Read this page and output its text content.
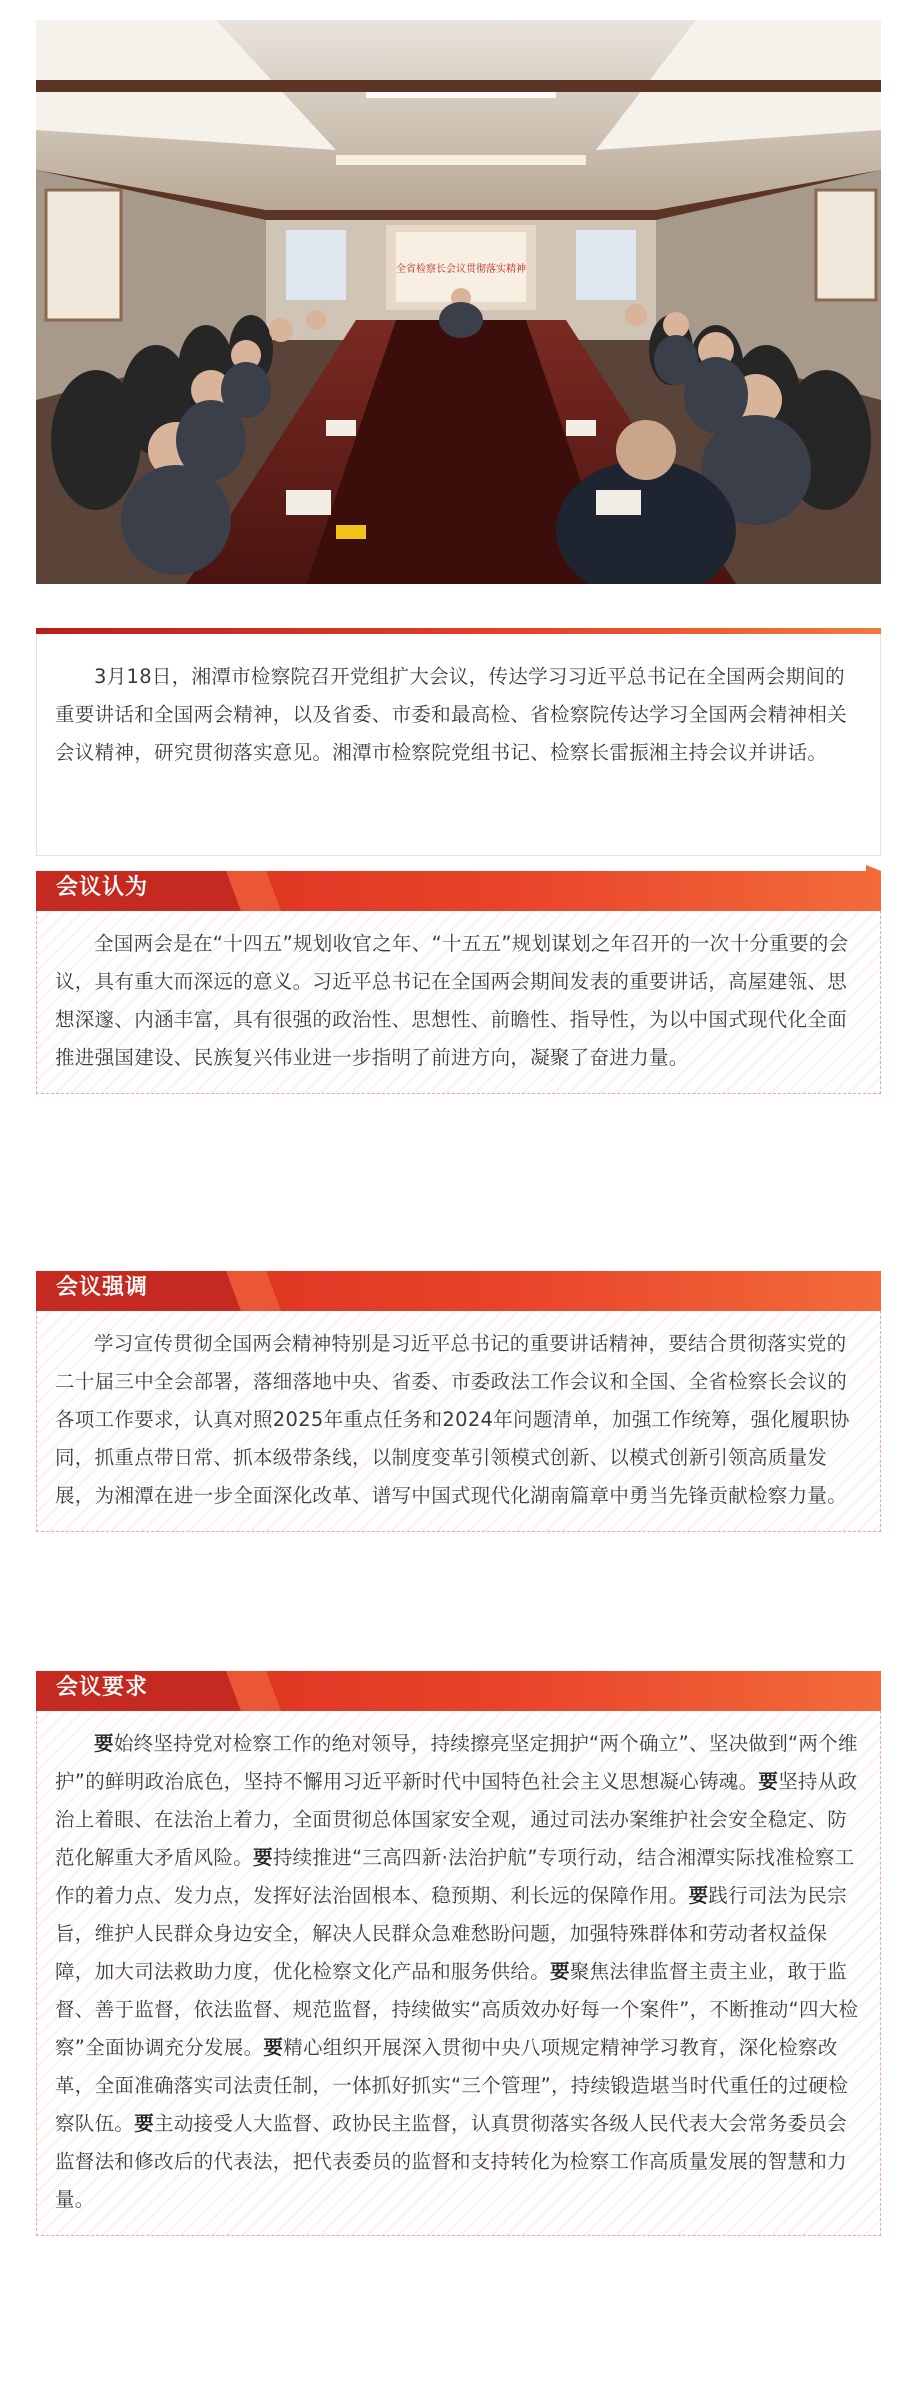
全省检察长会议贯彻落实精神
3月18日，湘潭市检察院召开党组扩大会议，传达学习习近平总书记在全国两会期间的重要讲话和全国两会精神，以及省委、市委和最高检、省检察院传达学习全国两会精神相关会议精神，研究贯彻落实意见。湘潭市检察院党组书记、检察长雷振湘主持会议并讲话。
会议认为
全国两会是在“十四五”规划收官之年、“十五五”规划谋划之年召开的一次十分重要的会议，具有重大而深远的意义。习近平总书记在全国两会期间发表的重要讲话，高屋建瓴、思想深邃、内涵丰富，具有很强的政治性、思想性、前瞻性、指导性，为以中国式现代化全面推进强国建设、民族复兴伟业进一步指明了前进方向，凝聚了奋进力量。
会议强调
学习宣传贯彻全国两会精神特别是习近平总书记的重要讲话精神，要结合贯彻落实党的二十届三中全会部署，落细落地中央、省委、市委政法工作会议和全国、全省检察长会议的各项工作要求，认真对照2025年重点任务和2024年问题清单，加强工作统筹，强化履职协同，抓重点带日常、抓本级带条线，以制度变革引领模式创新、以模式创新引领高质量发展，为湘潭在进一步全面深化改革、谱写中国式现代化湖南篇章中勇当先锋贡献检察力量。
会议要求
要始终坚持党对检察工作的绝对领导，持续擦亮坚定拥护“两个确立”、坚决做到“两个维护”的鲜明政治底色，坚持不懈用习近平新时代中国特色社会主义思想凝心铸魂。要坚持从政治上着眼、在法治上着力，全面贯彻总体国家安全观，通过司法办案维护社会安全稳定、防范化解重大矛盾风险。要持续推进“三高四新·法治护航”专项行动，结合湘潭实际找准检察工作的着力点、发力点，发挥好法治固根本、稳预期、利长远的保障作用。要践行司法为民宗旨，维护人民群众身边安全，解决人民群众急难愁盼问题，加强特殊群体和劳动者权益保障，加大司法救助力度，优化检察文化产品和服务供给。要聚焦法律监督主责主业，敢于监督、善于监督，依法监督、规范监督，持续做实“高质效办好每一个案件”，不断推动“四大检察”全面协调充分发展。要精心组织开展深入贯彻中央八项规定精神学习教育，深化检察改革，全面准确落实司法责任制，一体抓好抓实“三个管理”，持续锻造堪当时代重任的过硬检察队伍。要主动接受人大监督、政协民主监督，认真贯彻落实各级人民代表大会常务委员会监督法和修改后的代表法，把代表委员的监督和支持转化为检察工作高质量发展的智慧和力量。
